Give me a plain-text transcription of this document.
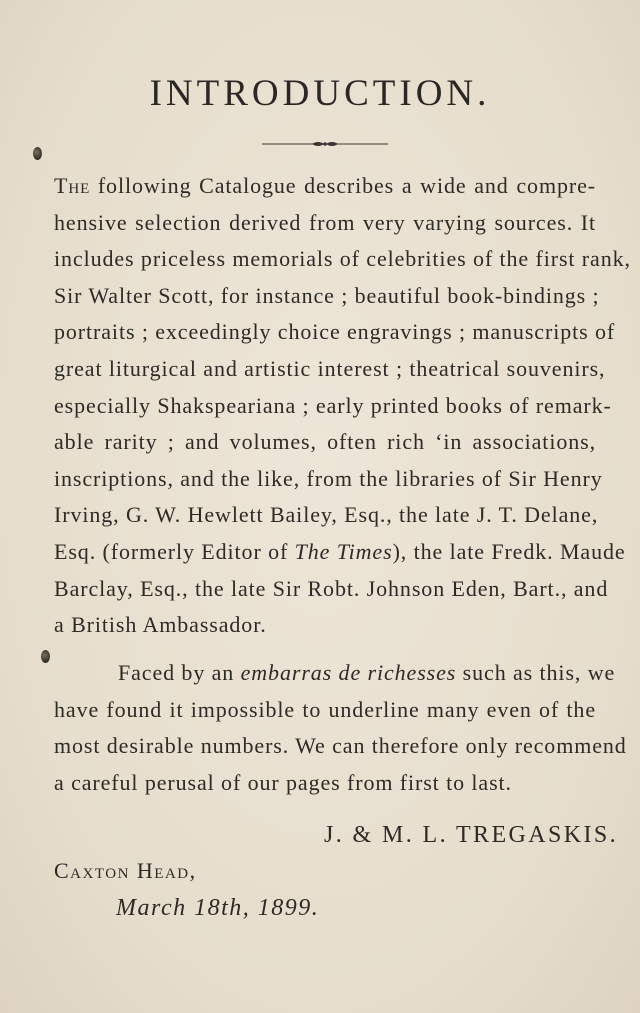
INTRODUCTION.
The following Catalogue describes a wide and compre-
hensive selection derived from very varying sources. It
includes priceless memorials of celebrities of the first rank,
Sir Walter Scott, for instance ; beautiful book-bindings ;
portraits ; exceedingly choice engravings ; manuscripts of
great liturgical and artistic interest ; theatrical souvenirs,
especially Shakspeariana ; early printed books of remark-
able rarity ; and volumes, often rich ‘in associations,
inscriptions, and the like, from the libraries of Sir Henry
Irving, G. W. Hewlett Bailey, Esq., the late J. T. Delane,
Esq. (formerly Editor of The Times), the late Fredk. Maude
Barclay, Esq., the late Sir Robt. Johnson Eden, Bart., and
a British Ambassador.
Faced by an embarras de richesses such as this, we
have found it impossible to underline many even of the
most desirable numbers. We can therefore only recommend
a careful perusal of our pages from first to last.
J. & M. L. TREGASKIS.
Caxton Head,
March 18th, 1899.
